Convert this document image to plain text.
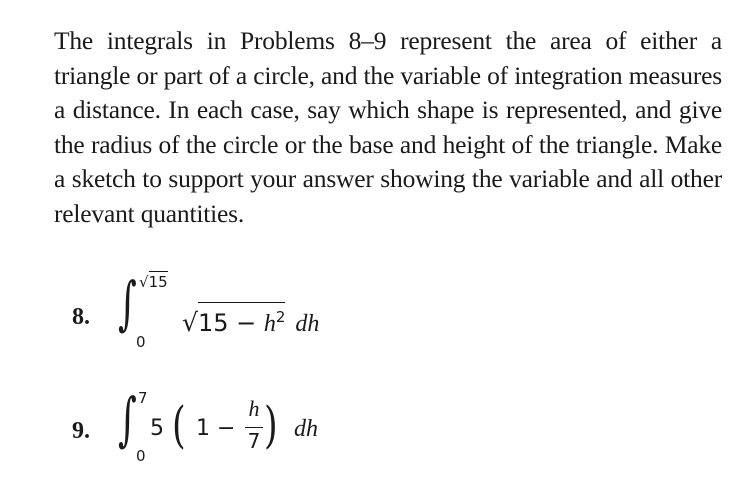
The integrals in Problems 8–9 represent the area of either a triangle or part of a circle, and the variable of integration measures a distance. In each case, say which shape is represented, and give the radius of the circle or the base and height of the triangle. Make a sketch to support your answer showing the variable and all other relevant quantities.

8. ∫ √15
0
$√15 - h^2$ dh
9. ∫ 7
0
5 ( 1 −
h
7 ) dh
